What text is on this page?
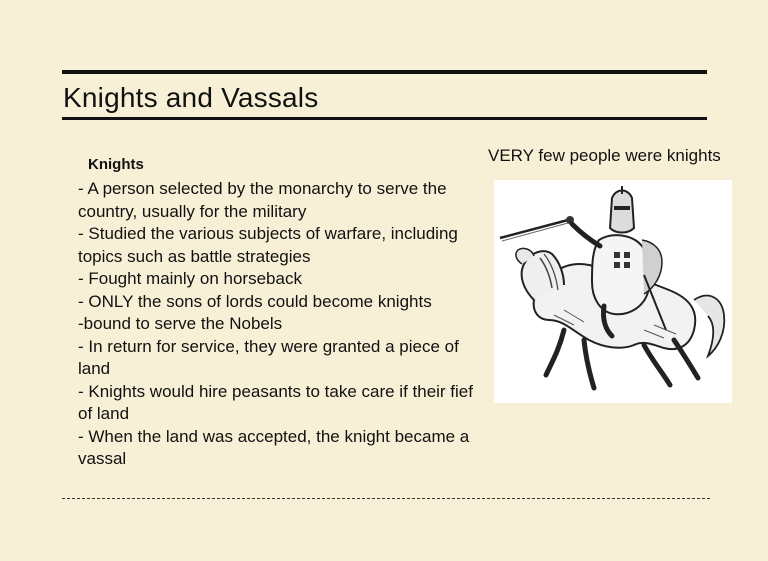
Knights and Vassals
Knights
- A person selected by the monarchy to serve the country, usually for the military
- Studied the various subjects of warfare, including topics such as battle strategies
- Fought mainly on horseback
- ONLY the sons of lords could become knights
-bound to serve the Nobels
- In return for service, they were granted a piece of land
- Knights would hire peasants to take care if their fief of land
- When the land was accepted, the knight became a vassal
VERY few people were knights
